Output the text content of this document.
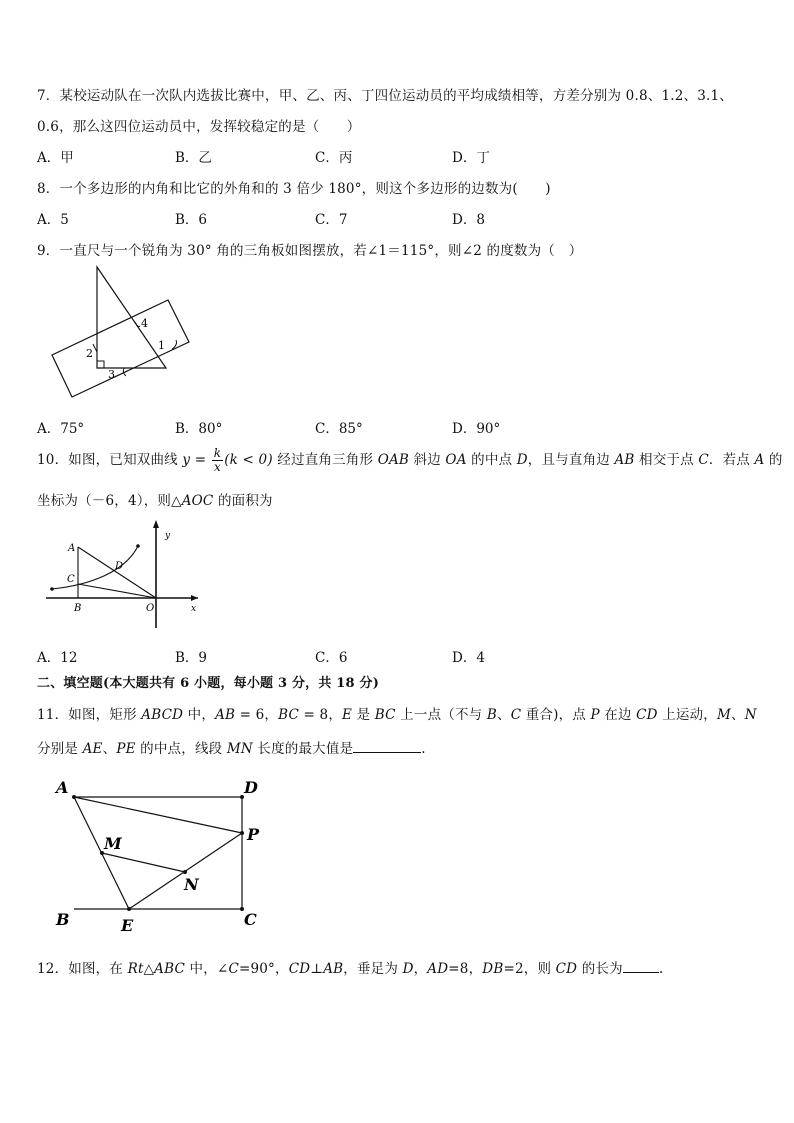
7．某校运动队在一次队内选拔比赛中，甲、乙、丙、丁四位运动员的平均成绩相等，方差分别为 0.8、1.2、3.1、
0.6，那么这四位运动员中，发挥较稳定的是（　　）
A．甲	B．乙	C．丙	D．丁
8．一个多边形的内角和比它的外角和的 3 倍少 180°，则这个多边形的边数为(　　)
A．5	B．6	C．7	D．8
9．一直尺与一个锐角为 30° 角的三角板如图摆放，若∠1＝115°，则∠2 的度数为（　）
1
2
3
4
A．75°	B．80°	C．85°	D．90°
10．如图，已知双曲线 $y = \frac{k}{x} (k < 0)$ 经过直角三角形 OAB 斜边 OA 的中点 D，且与直角边 AB 相交于点 C．若点 A 的
坐标为（－6，4），则△AOC 的面积为
A
C
D
B	O	x
y
A．12	B．9	C．6	D．4
二、填空题(本大题共有 6 小题，每小题 3 分，共 18 分)
11．如图，矩形 ABCD 中，AB = 6，BC = 8，E 是 BC 上一点（不与 B、C 重合)，点 P 在边 CD 上运动，M、N
分别是 AE、PE 的中点，线段 MN 长度的最大值是	.
A	D
M	P
N
B	E	C
12．如图，在 Rt△ABC 中，∠C=90°，CD⊥AB，垂足为 D，AD=8，DB=2，则 CD 的长为	.
